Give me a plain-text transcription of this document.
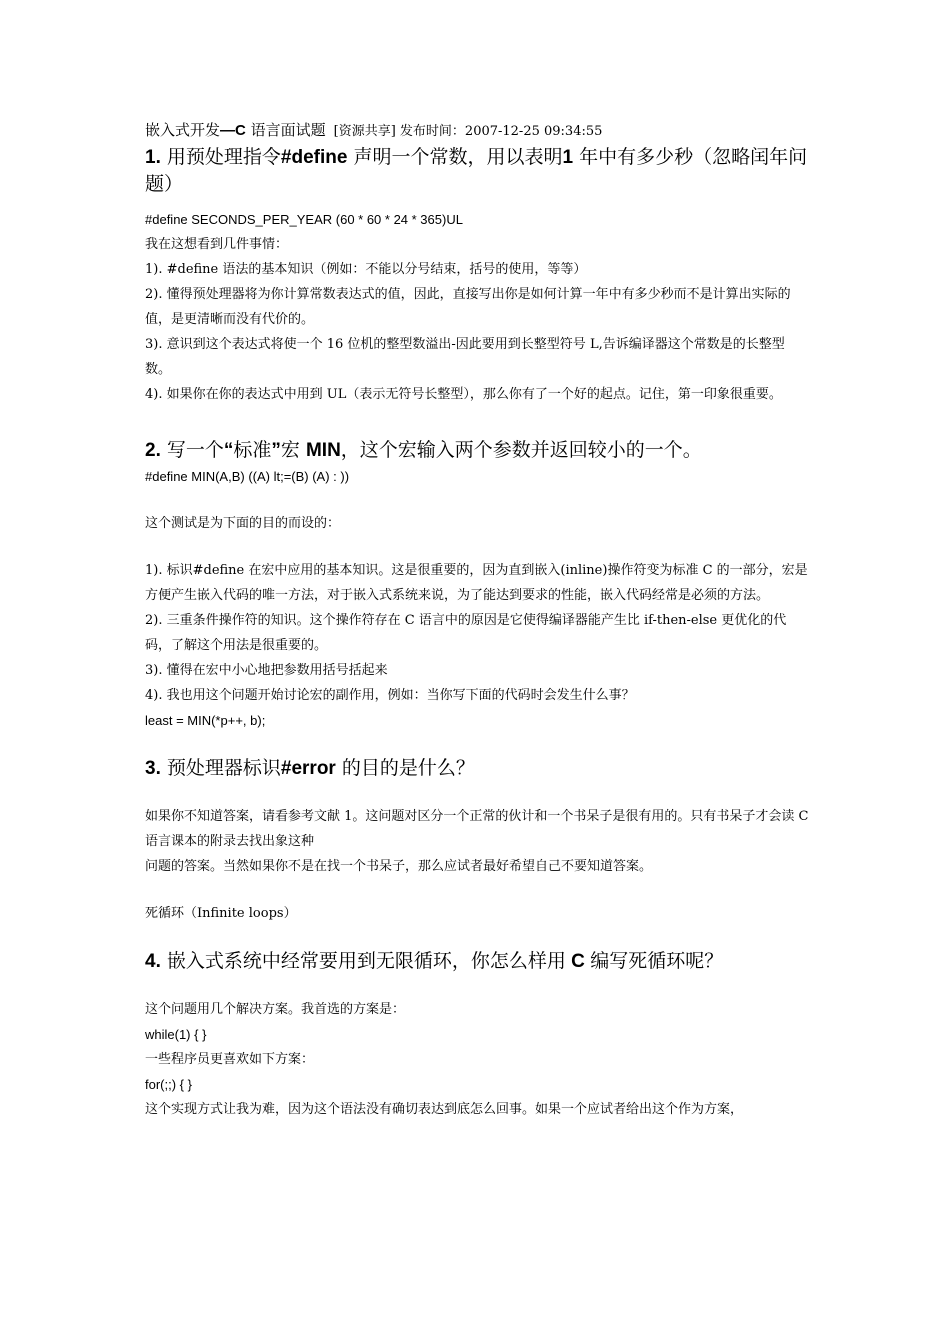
嵌入式开发—C 语言面试题 [资源共享] 发布时间：2007-12-25 09:34:55

1. 用预处理指令#define 声明一个常数，用以表明1 年中有多少秒（忽略闰年问题）

#define SECONDS_PER_YEAR (60 * 60 * 24 * 365)UL

我在这想看到几件事情：

1). #define 语法的基本知识（例如：不能以分号结束，括号的使用，等等）

2). 懂得预处理器将为你计算常数表达式的值，因此，直接写出你是如何计算一年中有多少秒而不是计算出实际的值，是更清晰而没有代价的。

3). 意识到这个表达式将使一个 16 位机的整型数溢出-因此要用到长整型符号 L,告诉编译器这个常数是的长整型数。

4). 如果你在你的表达式中用到 UL（表示无符号长整型），那么你有了一个好的起点。记住，第一印象很重要。

2. 写一个“标准”宏 MIN，这个宏输入两个参数并返回较小的一个。

#define MIN(A,B) ((A) lt;=(B) (A) : ))

这个测试是为下面的目的而设的：

1). 标识#define 在宏中应用的基本知识。这是很重要的，因为直到嵌入(inline)操作符变为标准 C 的一部分，宏是方便产生嵌入代码的唯一方法，对于嵌入式系统来说，为了能达到要求的性能，嵌入代码经常是必须的方法。

2). 三重条件操作符的知识。这个操作符存在 C 语言中的原因是它使得编译器能产生比 if-then-else 更优化的代码，了解这个用法是很重要的。

3). 懂得在宏中小心地把参数用括号括起来

4). 我也用这个问题开始讨论宏的副作用，例如：当你写下面的代码时会发生什么事？

least = MIN(*p++, b);

3. 预处理器标识#error 的目的是什么？

如果你不知道答案，请看参考文献 1。这问题对区分一个正常的伙计和一个书呆子是很有用的。只有书呆子才会读 C 语言课本的附录去找出象这种

问题的答案。当然如果你不是在找一个书呆子，那么应试者最好希望自己不要知道答案。

死循环（Infinite loops）

4. 嵌入式系统中经常要用到无限循环，你怎么样用 C 编写死循环呢？

这个问题用几个解决方案。我首选的方案是：

while(1) { }

一些程序员更喜欢如下方案：

for(;;) { }

这个实现方式让我为难，因为这个语法没有确切表达到底怎么回事。如果一个应试者给出这个作为方案，
